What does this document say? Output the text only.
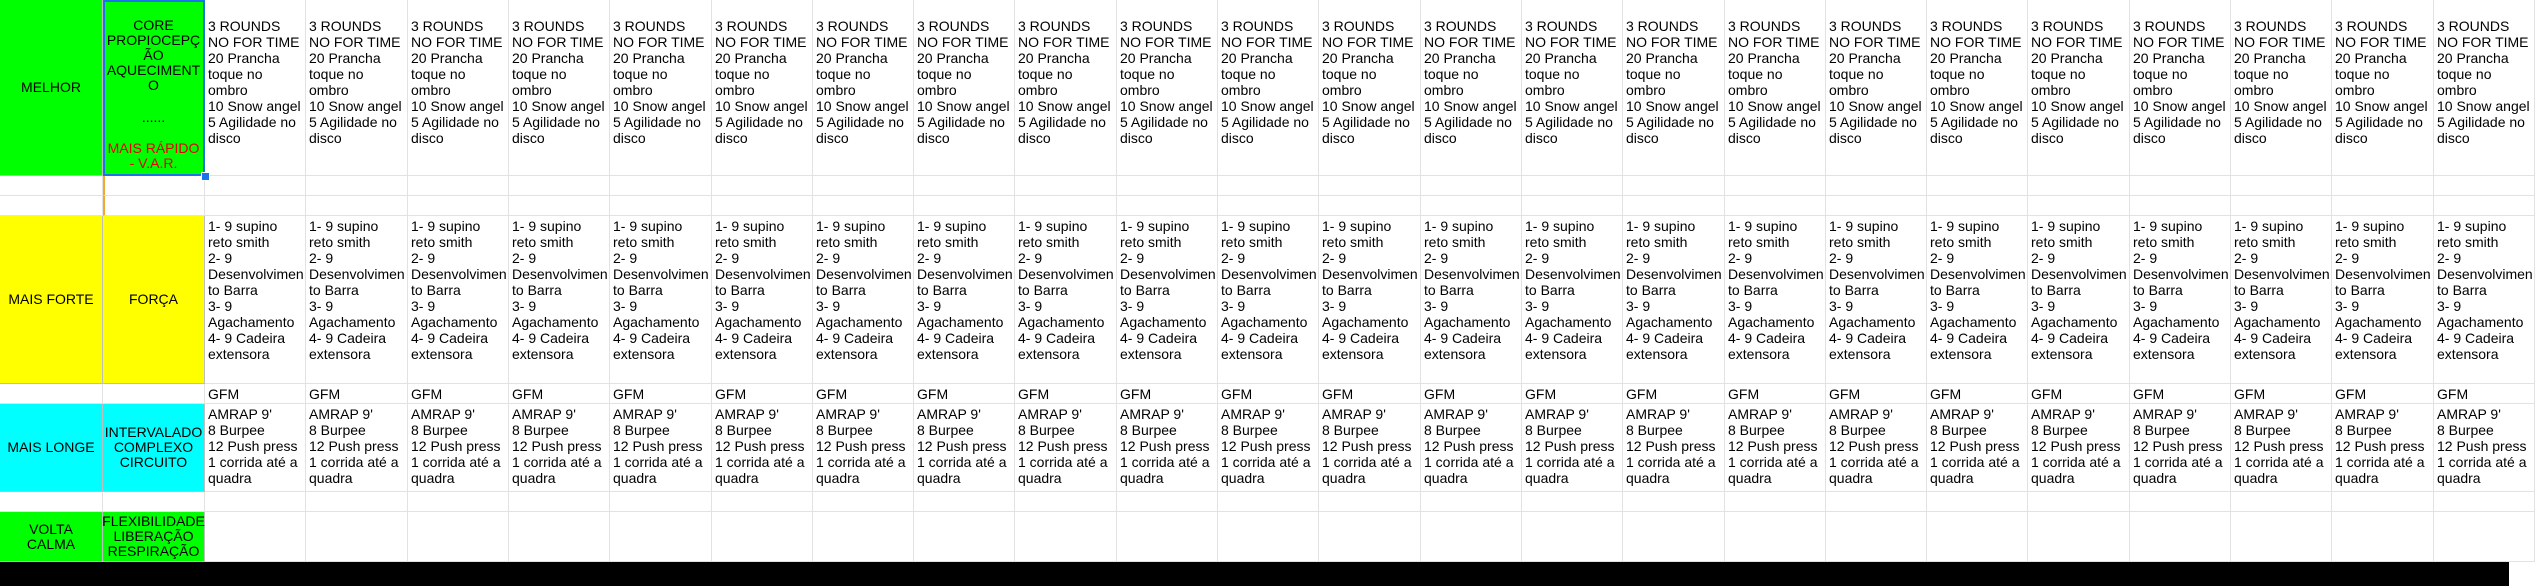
MELHOR
CORE
PROPIOCEPÇ
ÃO
AQUECIMENT
O
......
MAIS RÁPIDO
- V.A.R.
MAIS FORTE	FORÇA
MAIS LONGE
INTERVALADO
COMPLEXO
CIRCUITO
VOLTA
CALMA
FLEXIBILIDADE
LIBERAÇÃO
RESPIRAÇÃO
3 ROUNDS NO FOR TIME
20 Prancha toque no ombro
10 Snow angel
5 Agilidade no disco
1- 9 supino reto smith
2- 9 Desenvolvimento Barra
3- 9 Agachamento
4- 9 Cadeira extensora
GFM
AMRAP 9'
8 Burpee
12 Push press
1 corrida até a quadra
3 ROUNDS NO FOR TIME
20 Prancha toque no ombro
10 Snow angel
5 Agilidade no disco
1- 9 supino reto smith
2- 9 Desenvolvimento Barra
3- 9 Agachamento
4- 9 Cadeira extensora
GFM
AMRAP 9'
8 Burpee
12 Push press
1 corrida até a quadra
3 ROUNDS NO FOR TIME
20 Prancha toque no ombro
10 Snow angel
5 Agilidade no disco
1- 9 supino reto smith
2- 9 Desenvolvimento Barra
3- 9 Agachamento
4- 9 Cadeira extensora
GFM
AMRAP 9'
8 Burpee
12 Push press
1 corrida até a quadra
3 ROUNDS NO FOR TIME
20 Prancha toque no ombro
10 Snow angel
5 Agilidade no disco
1- 9 supino reto smith
2- 9 Desenvolvimento Barra
3- 9 Agachamento
4- 9 Cadeira extensora
GFM
AMRAP 9'
8 Burpee
12 Push press
1 corrida até a quadra
3 ROUNDS NO FOR TIME
20 Prancha toque no ombro
10 Snow angel
5 Agilidade no disco
1- 9 supino reto smith
2- 9 Desenvolvimento Barra
3- 9 Agachamento
4- 9 Cadeira extensora
GFM
AMRAP 9'
8 Burpee
12 Push press
1 corrida até a quadra
3 ROUNDS NO FOR TIME
20 Prancha toque no ombro
10 Snow angel
5 Agilidade no disco
1- 9 supino reto smith
2- 9 Desenvolvimento Barra
3- 9 Agachamento
4- 9 Cadeira extensora
GFM
AMRAP 9'
8 Burpee
12 Push press
1 corrida até a quadra
3 ROUNDS NO FOR TIME
20 Prancha toque no ombro
10 Snow angel
5 Agilidade no disco
1- 9 supino reto smith
2- 9 Desenvolvimento Barra
3- 9 Agachamento
4- 9 Cadeira extensora
GFM
AMRAP 9'
8 Burpee
12 Push press
1 corrida até a quadra
3 ROUNDS NO FOR TIME
20 Prancha toque no ombro
10 Snow angel
5 Agilidade no disco
1- 9 supino reto smith
2- 9 Desenvolvimento Barra
3- 9 Agachamento
4- 9 Cadeira extensora
GFM
AMRAP 9'
8 Burpee
12 Push press
1 corrida até a quadra
3 ROUNDS NO FOR TIME
20 Prancha toque no ombro
10 Snow angel
5 Agilidade no disco
1- 9 supino reto smith
2- 9 Desenvolvimento Barra
3- 9 Agachamento
4- 9 Cadeira extensora
GFM
AMRAP 9'
8 Burpee
12 Push press
1 corrida até a quadra
3 ROUNDS NO FOR TIME
20 Prancha toque no ombro
10 Snow angel
5 Agilidade no disco
1- 9 supino reto smith
2- 9 Desenvolvimento Barra
3- 9 Agachamento
4- 9 Cadeira extensora
GFM
AMRAP 9'
8 Burpee
12 Push press
1 corrida até a quadra
3 ROUNDS NO FOR TIME
20 Prancha toque no ombro
10 Snow angel
5 Agilidade no disco
1- 9 supino reto smith
2- 9 Desenvolvimento Barra
3- 9 Agachamento
4- 9 Cadeira extensora
GFM
AMRAP 9'
8 Burpee
12 Push press
1 corrida até a quadra
3 ROUNDS NO FOR TIME
20 Prancha toque no ombro
10 Snow angel
5 Agilidade no disco
1- 9 supino reto smith
2- 9 Desenvolvimento Barra
3- 9 Agachamento
4- 9 Cadeira extensora
GFM
AMRAP 9'
8 Burpee
12 Push press
1 corrida até a quadra
3 ROUNDS NO FOR TIME
20 Prancha toque no ombro
10 Snow angel
5 Agilidade no disco
1- 9 supino reto smith
2- 9 Desenvolvimento Barra
3- 9 Agachamento
4- 9 Cadeira extensora
GFM
AMRAP 9'
8 Burpee
12 Push press
1 corrida até a quadra
3 ROUNDS NO FOR TIME
20 Prancha toque no ombro
10 Snow angel
5 Agilidade no disco
1- 9 supino reto smith
2- 9 Desenvolvimento Barra
3- 9 Agachamento
4- 9 Cadeira extensora
GFM
AMRAP 9'
8 Burpee
12 Push press
1 corrida até a quadra
3 ROUNDS NO FOR TIME
20 Prancha toque no ombro
10 Snow angel
5 Agilidade no disco
1- 9 supino reto smith
2- 9 Desenvolvimento Barra
3- 9 Agachamento
4- 9 Cadeira extensora
GFM
AMRAP 9'
8 Burpee
12 Push press
1 corrida até a quadra
3 ROUNDS NO FOR TIME
20 Prancha toque no ombro
10 Snow angel
5 Agilidade no disco
1- 9 supino reto smith
2- 9 Desenvolvimento Barra
3- 9 Agachamento
4- 9 Cadeira extensora
GFM
AMRAP 9'
8 Burpee
12 Push press
1 corrida até a quadra
3 ROUNDS NO FOR TIME
20 Prancha toque no ombro
10 Snow angel
5 Agilidade no disco
1- 9 supino reto smith
2- 9 Desenvolvimento Barra
3- 9 Agachamento
4- 9 Cadeira extensora
GFM
AMRAP 9'
8 Burpee
12 Push press
1 corrida até a quadra
3 ROUNDS NO FOR TIME
20 Prancha toque no ombro
10 Snow angel
5 Agilidade no disco
1- 9 supino reto smith
2- 9 Desenvolvimento Barra
3- 9 Agachamento
4- 9 Cadeira extensora
GFM
AMRAP 9'
8 Burpee
12 Push press
1 corrida até a quadra
3 ROUNDS NO FOR TIME
20 Prancha toque no ombro
10 Snow angel
5 Agilidade no disco
1- 9 supino reto smith
2- 9 Desenvolvimento Barra
3- 9 Agachamento
4- 9 Cadeira extensora
GFM
AMRAP 9'
8 Burpee
12 Push press
1 corrida até a quadra
3 ROUNDS NO FOR TIME
20 Prancha toque no ombro
10 Snow angel
5 Agilidade no disco
1- 9 supino reto smith
2- 9 Desenvolvimento Barra
3- 9 Agachamento
4- 9 Cadeira extensora
GFM
AMRAP 9'
8 Burpee
12 Push press
1 corrida até a quadra
3 ROUNDS NO FOR TIME
20 Prancha toque no ombro
10 Snow angel
5 Agilidade no disco
1- 9 supino reto smith
2- 9 Desenvolvimento Barra
3- 9 Agachamento
4- 9 Cadeira extensora
GFM
AMRAP 9'
8 Burpee
12 Push press
1 corrida até a quadra
3 ROUNDS NO FOR TIME
20 Prancha toque no ombro
10 Snow angel
5 Agilidade no disco
1- 9 supino reto smith
2- 9 Desenvolvimento Barra
3- 9 Agachamento
4- 9 Cadeira extensora
GFM
AMRAP 9'
8 Burpee
12 Push press
1 corrida até a quadra
3 ROUNDS NO FOR TIME
20 Prancha toque no ombro
10 Snow angel
5 Agilidade no disco
1- 9 supino reto smith
2- 9 Desenvolvimento Barra
3- 9 Agachamento
4- 9 Cadeira extensora
GFM
AMRAP 9'
8 Burpee
12 Push press
1 corrida até a quadra
